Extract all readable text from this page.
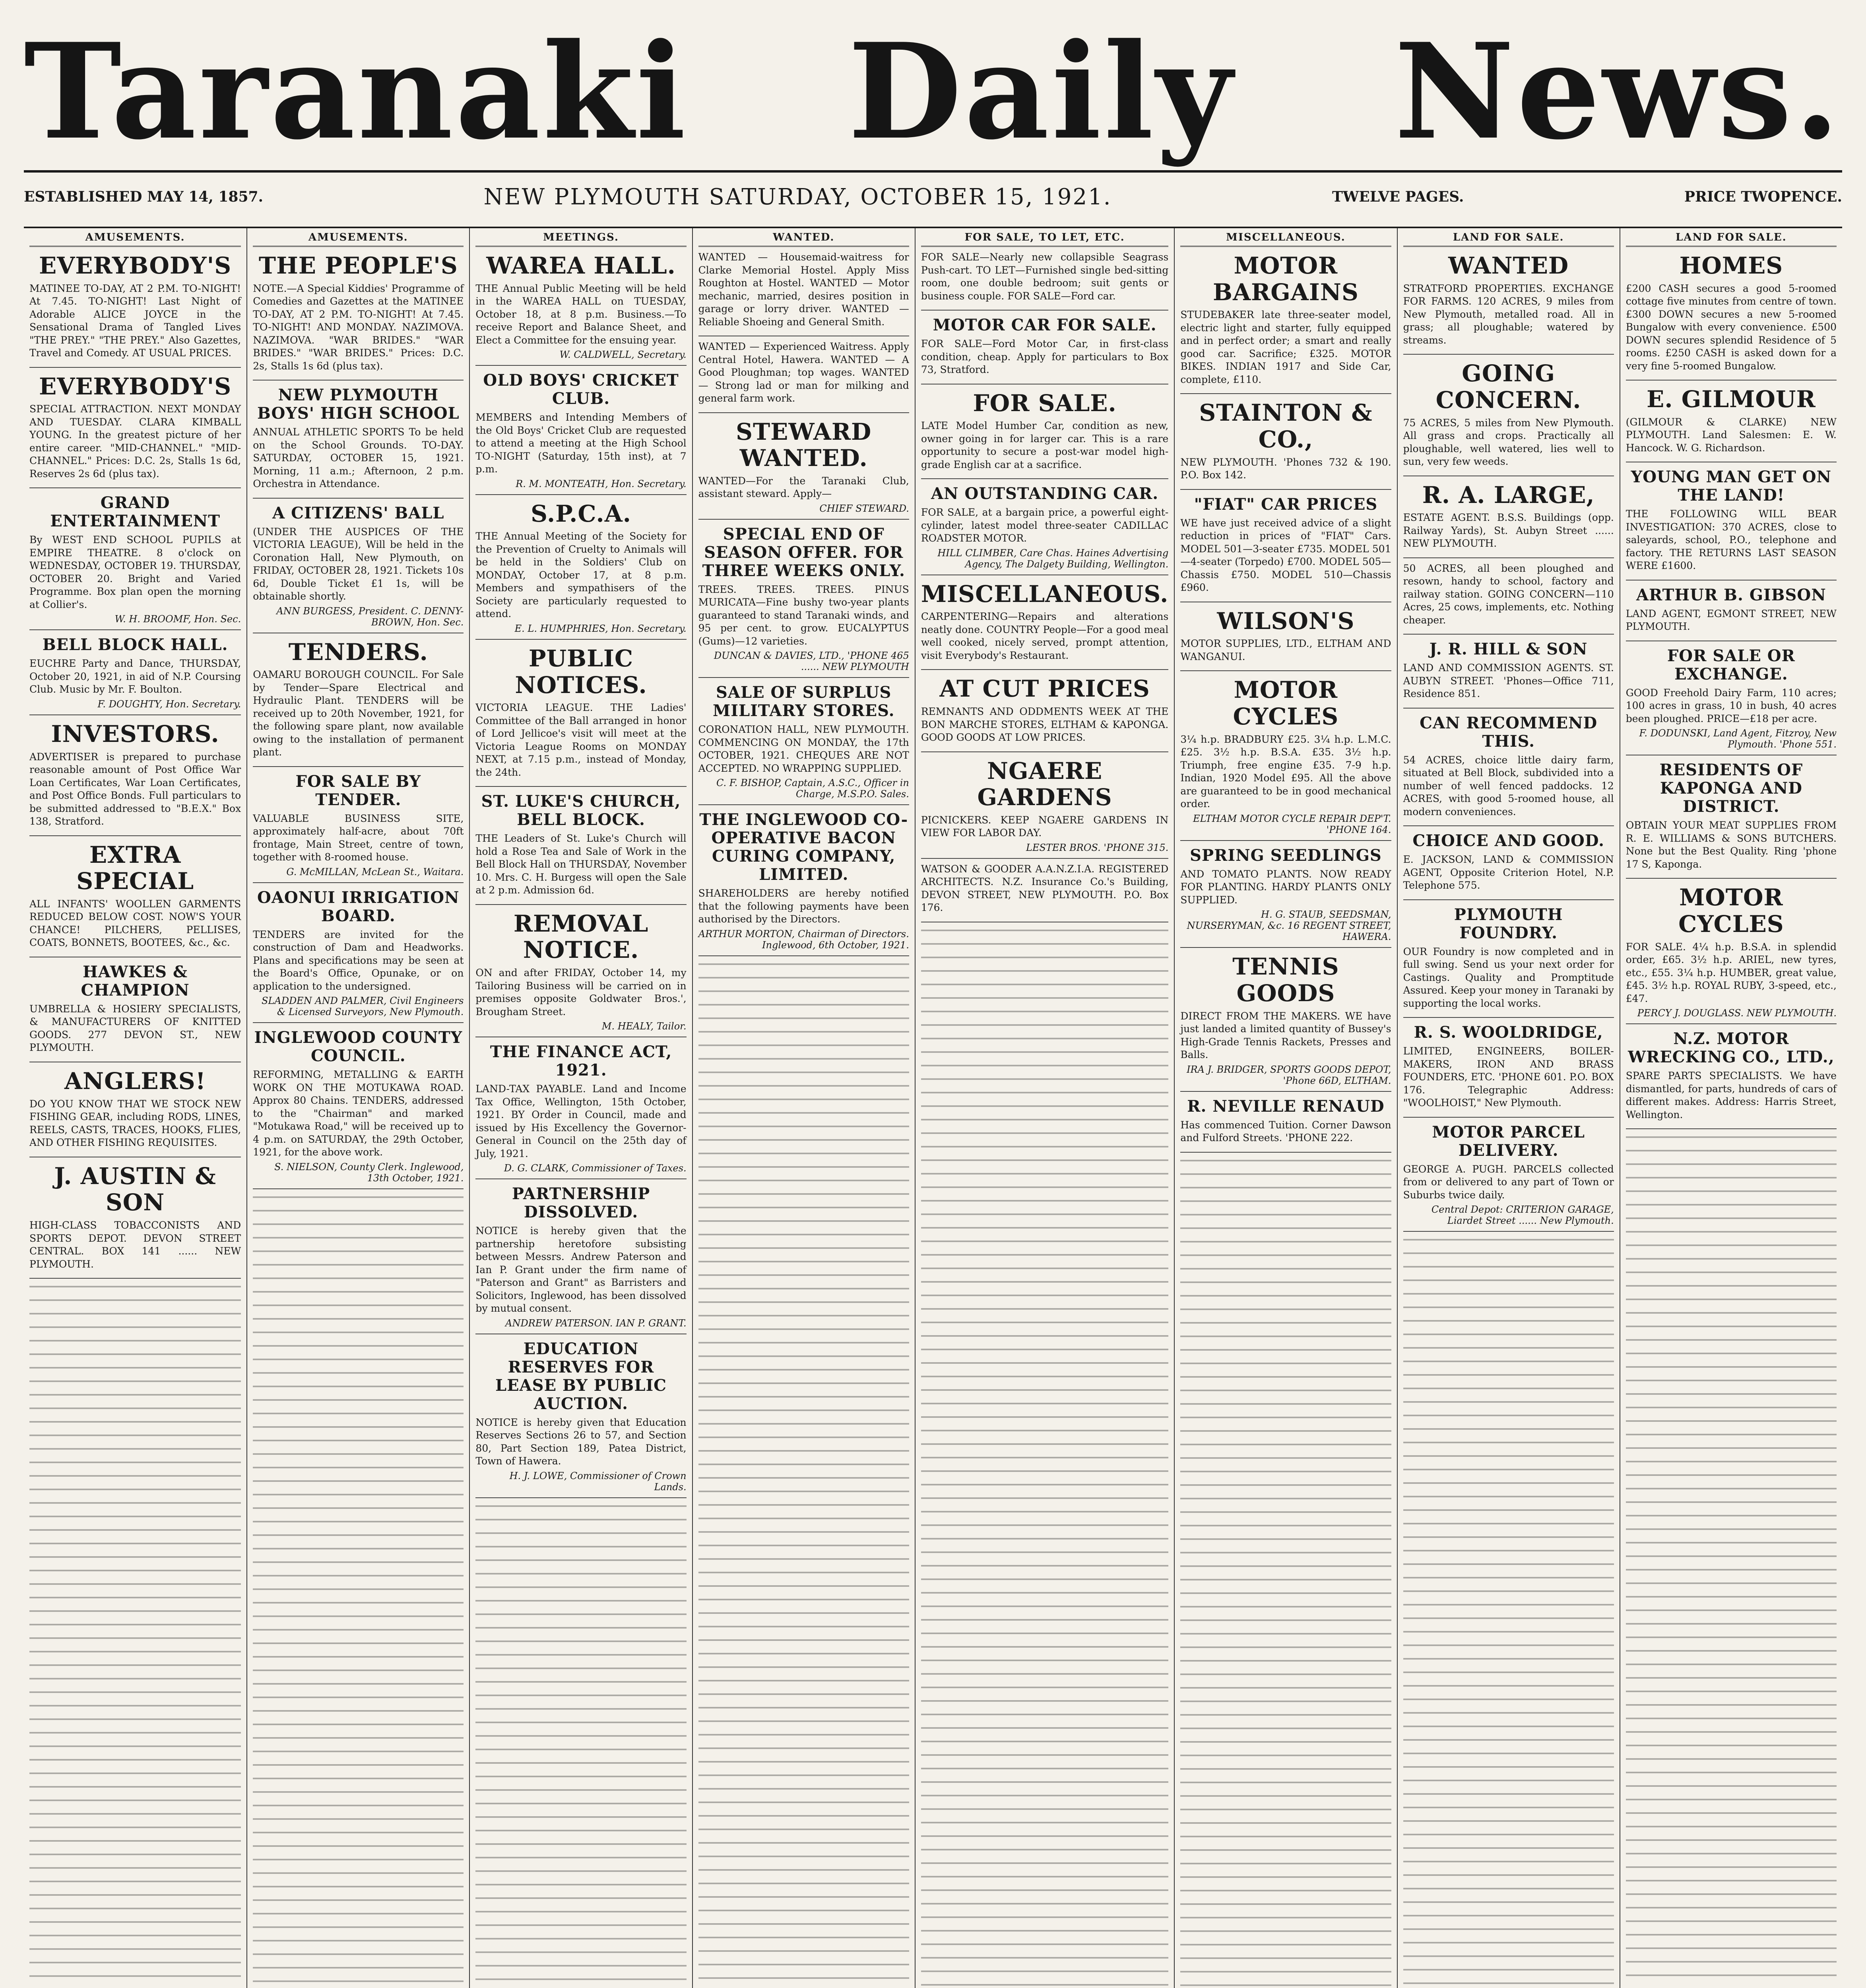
Taranaki Daily News.
ESTABLISHED MAY 14, 1857.	NEW PLYMOUTH SATURDAY, OCTOBER 15, 1921.	TWELVE PAGES.	PRICE TWOPENCE.
AMUSEMENTS.
EVERYBODY'S

MATINEE TO-DAY, AT 2 P.M. TO-NIGHT! At 7.45. TO-NIGHT! Last Night of Adorable ALICE JOYCE in the Sensational Drama of Tangled Lives "THE PREY." "THE PREY." Also Gazettes, Travel and Comedy. AT USUAL PRICES.

EVERYBODY'S

SPECIAL ATTRACTION. NEXT MONDAY AND TUESDAY. CLARA KIMBALL YOUNG. In the greatest picture of her entire career. "MID-CHANNEL." "MID-CHANNEL." Prices: D.C. 2s, Stalls 1s 6d, Reserves 2s 6d (plus tax).

GRAND ENTERTAINMENT

By WEST END SCHOOL PUPILS at EMPIRE THEATRE. 8 o'clock on WEDNESDAY, OCTOBER 19. THURSDAY, OCTOBER 20. Bright and Varied Programme. Box plan open the morning at Collier's.

W. H. BROOMF, Hon. Sec.
BELL BLOCK HALL.

EUCHRE Party and Dance, THURSDAY, October 20, 1921, in aid of N.P. Coursing Club. Music by Mr. F. Boulton.

F. DOUGHTY, Hon. Secretary.
INVESTORS.

ADVERTISER is prepared to purchase reasonable amount of Post Office War Loan Certificates, War Loan Certificates, and Post Office Bonds. Full particulars to be submitted addressed to "B.E.X." Box 138, Stratford.

EXTRA SPECIAL

ALL INFANTS' WOOLLEN GARMENTS REDUCED BELOW COST. NOW'S YOUR CHANCE! PILCHERS, PELLISES, COATS, BONNETS, BOOTEES, &c., &c.

HAWKES & CHAMPION

UMBRELLA & HOSIERY SPECIALISTS, & MANUFACTURERS OF KNITTED GOODS. 277 DEVON ST., NEW PLYMOUTH.

ANGLERS!

DO YOU KNOW THAT WE STOCK NEW FISHING GEAR, including RODS, LINES, REELS, CASTS, TRACES, HOOKS, FLIES, AND OTHER FISHING REQUISITES.

J. AUSTIN & SON

HIGH-CLASS TOBACCONISTS AND SPORTS DEPOT. DEVON STREET CENTRAL. BOX 141 ...... NEW PLYMOUTH.

AMUSEMENTS.
THE PEOPLE'S

NOTE.—A Special Kiddies' Programme of Comedies and Gazettes at the MATINEE TO-DAY, AT 2 P.M. TO-NIGHT! At 7.45. TO-NIGHT! AND MONDAY. NAZIMOVA. NAZIMOVA. "WAR BRIDES." "WAR BRIDES." "WAR BRIDES." Prices: D.C. 2s, Stalls 1s 6d (plus tax).

NEW PLYMOUTH BOYS' HIGH SCHOOL

ANNUAL ATHLETIC SPORTS To be held on the School Grounds. TO-DAY. SATURDAY, OCTOBER 15, 1921. Morning, 11 a.m.; Afternoon, 2 p.m. Orchestra in Attendance.

A CITIZENS' BALL

(UNDER THE AUSPICES OF THE VICTORIA LEAGUE), Will be held in the Coronation Hall, New Plymouth, on FRIDAY, OCTOBER 28, 1921. Tickets 10s 6d, Double Ticket £1 1s, will be obtainable shortly.

ANN BURGESS, President. C. DENNY-BROWN, Hon. Sec.
TENDERS.

OAMARU BOROUGH COUNCIL. For Sale by Tender—Spare Electrical and Hydraulic Plant. TENDERS will be received up to 20th November, 1921, for the following spare plant, now available owing to the installation of permanent plant.

FOR SALE BY TENDER.

VALUABLE BUSINESS SITE, approximately half-acre, about 70ft frontage, Main Street, centre of town, together with 8-roomed house.

G. McMILLAN, McLean St., Waitara.
OAONUI IRRIGATION BOARD.

TENDERS are invited for the construction of Dam and Headworks. Plans and specifications may be seen at the Board's Office, Opunake, or on application to the undersigned.

SLADDEN AND PALMER, Civil Engineers & Licensed Surveyors, New Plymouth.
INGLEWOOD COUNTY COUNCIL.

REFORMING, METALLING & EARTH WORK ON THE MOTUKAWA ROAD. Approx 80 Chains. TENDERS, addressed to the "Chairman" and marked "Motukawa Road," will be received up to 4 p.m. on SATURDAY, the 29th October, 1921, for the above work.

S. NIELSON, County Clerk. Inglewood, 13th October, 1921.
MEETINGS.
WAREA HALL.

THE Annual Public Meeting will be held in the WAREA HALL on TUESDAY, October 18, at 8 p.m. Business.—To receive Report and Balance Sheet, and Elect a Committee for the ensuing year.

W. CALDWELL, Secretary.
OLD BOYS' CRICKET CLUB.

MEMBERS and Intending Members of the Old Boys' Cricket Club are requested to attend a meeting at the High School TO-NIGHT (Saturday, 15th inst), at 7 p.m.

R. M. MONTEATH, Hon. Secretary.
S.P.C.A.

THE Annual Meeting of the Society for the Prevention of Cruelty to Animals will be held in the Soldiers' Club on MONDAY, October 17, at 8 p.m. Members and sympathisers of the Society are particularly requested to attend.

E. L. HUMPHRIES, Hon. Secretary.
PUBLIC NOTICES.

VICTORIA LEAGUE. THE Ladies' Committee of the Ball arranged in honor of Lord Jellicoe's visit will meet at the Victoria League Rooms on MONDAY NEXT, at 7.15 p.m., instead of Monday, the 24th.

ST. LUKE'S CHURCH, BELL BLOCK.

THE Leaders of St. Luke's Church will hold a Rose Tea and Sale of Work in the Bell Block Hall on THURSDAY, November 10. Mrs. C. H. Burgess will open the Sale at 2 p.m. Admission 6d.

REMOVAL NOTICE.

ON and after FRIDAY, October 14, my Tailoring Business will be carried on in premises opposite Goldwater Bros.', Brougham Street.

M. HEALY, Tailor.
THE FINANCE ACT, 1921.

LAND-TAX PAYABLE. Land and Income Tax Office, Wellington, 15th October, 1921. BY Order in Council, made and issued by His Excellency the Governor-General in Council on the 25th day of July, 1921.

D. G. CLARK, Commissioner of Taxes.
PARTNERSHIP DISSOLVED.

NOTICE is hereby given that the partnership heretofore subsisting between Messrs. Andrew Paterson and Ian P. Grant under the firm name of "Paterson and Grant" as Barristers and Solicitors, Inglewood, has been dissolved by mutual consent.

ANDREW PATERSON. IAN P. GRANT.
EDUCATION RESERVES FOR LEASE BY PUBLIC AUCTION.

NOTICE is hereby given that Education Reserves Sections 26 to 57, and Section 80, Part Section 189, Patea District, Town of Hawera.

H. J. LOWE, Commissioner of Crown Lands.
WANTED.

WANTED — Housemaid-waitress for Clarke Memorial Hostel. Apply Miss Roughton at Hostel. WANTED — Motor mechanic, married, desires position in garage or lorry driver. WANTED — Reliable Shoeing and General Smith.

WANTED — Experienced Waitress. Apply Central Hotel, Hawera. WANTED — A Good Ploughman; top wages. WANTED — Strong lad or man for milking and general farm work.

STEWARD WANTED.

WANTED—For the Taranaki Club, assistant steward. Apply—

CHIEF STEWARD.
SPECIAL END OF SEASON OFFER. FOR THREE WEEKS ONLY.

TREES. TREES. TREES. PINUS MURICATA—Fine bushy two-year plants guaranteed to stand Taranaki winds, and 95 per cent. to grow. EUCALYPTUS (Gums)—12 varieties.

DUNCAN & DAVIES, LTD., 'PHONE 465 ...... NEW PLYMOUTH
SALE OF SURPLUS MILITARY STORES.

CORONATION HALL, NEW PLYMOUTH. COMMENCING ON MONDAY, the 17th OCTOBER, 1921. CHEQUES ARE NOT ACCEPTED. NO WRAPPING SUPPLIED.

C. F. BISHOP, Captain, A.S.C., Officer in Charge, M.S.P.O. Sales.
THE INGLEWOOD CO-OPERATIVE BACON CURING COMPANY, LIMITED.

SHAREHOLDERS are hereby notified that the following payments have been authorised by the Directors.

ARTHUR MORTON, Chairman of Directors. Inglewood, 6th October, 1921.
FOR SALE, TO LET, ETC.

FOR SALE—Nearly new collapsible Seagrass Push-cart. TO LET—Furnished single bed-sitting room, one double bedroom; suit gents or business couple. FOR SALE—Ford car.

MOTOR CAR FOR SALE.

FOR SALE—Ford Motor Car, in first-class condition, cheap. Apply for particulars to Box 73, Stratford.

FOR SALE.

LATE Model Humber Car, condition as new, owner going in for larger car. This is a rare opportunity to secure a post-war model high-grade English car at a sacrifice.

AN OUTSTANDING CAR.

FOR SALE, at a bargain price, a powerful eight-cylinder, latest model three-seater CADILLAC ROADSTER MOTOR.

HILL CLIMBER, Care Chas. Haines Advertising Agency, The Dalgety Building, Wellington.
MISCELLANEOUS.

CARPENTERING—Repairs and alterations neatly done. COUNTRY People—For a good meal well cooked, nicely served, prompt attention, visit Everybody's Restaurant.

AT CUT PRICES

REMNANTS AND ODDMENTS WEEK AT THE BON MARCHE STORES, ELTHAM & KAPONGA. GOOD GOODS AT LOW PRICES.

NGAERE GARDENS

PICNICKERS. KEEP NGAERE GARDENS IN VIEW FOR LABOR DAY.

LESTER BROS. 'PHONE 315.

WATSON & GOODER A.A.N.Z.I.A. REGISTERED ARCHITECTS. N.Z. Insurance Co.'s Building, DEVON STREET, NEW PLYMOUTH. P.O. Box 176.

MISCELLANEOUS.
MOTOR BARGAINS

STUDEBAKER late three-seater model, electric light and starter, fully equipped and in perfect order; a smart and really good car. Sacrifice; £325. MOTOR BIKES. INDIAN 1917 and Side Car, complete, £110.

STAINTON & CO.,

NEW PLYMOUTH. 'Phones 732 & 190. P.O. Box 142.

"FIAT" CAR PRICES

WE have just received advice of a slight reduction in prices of "FIAT" Cars. MODEL 501—3-seater £735. MODEL 501—4-seater (Torpedo) £700. MODEL 505—Chassis £750. MODEL 510—Chassis £960.

WILSON'S

MOTOR SUPPLIES, LTD., ELTHAM AND WANGANUI.

MOTOR CYCLES

3¼ h.p. BRADBURY £25. 3¼ h.p. L.M.C. £25. 3½ h.p. B.S.A. £35. 3½ h.p. Triumph, free engine £35. 7-9 h.p. Indian, 1920 Model £95. All the above are guaranteed to be in good mechanical order.

ELTHAM MOTOR CYCLE REPAIR DEP'T. 'PHONE 164.
SPRING SEEDLINGS

AND TOMATO PLANTS. NOW READY FOR PLANTING. HARDY PLANTS ONLY SUPPLIED.

H. G. STAUB, SEEDSMAN, NURSERYMAN, &c. 16 REGENT STREET, HAWERA.
TENNIS GOODS

DIRECT FROM THE MAKERS. WE have just landed a limited quantity of Bussey's High-Grade Tennis Rackets, Presses and Balls.

IRA J. BRIDGER, SPORTS GOODS DEPOT, 'Phone 66D, ELTHAM.
R. NEVILLE RENAUD

Has commenced Tuition. Corner Dawson and Fulford Streets. 'PHONE 222.

LAND FOR SALE.
WANTED

STRATFORD PROPERTIES. EXCHANGE FOR FARMS. 120 ACRES, 9 miles from New Plymouth, metalled road. All in grass; all ploughable; watered by streams.

GOING CONCERN.

75 ACRES, 5 miles from New Plymouth. All grass and crops. Practically all ploughable, well watered, lies well to sun, very few weeds.

R. A. LARGE,

ESTATE AGENT. B.S.S. Buildings (opp. Railway Yards), St. Aubyn Street ...... NEW PLYMOUTH.

50 ACRES, all been ploughed and resown, handy to school, factory and railway station. GOING CONCERN—110 Acres, 25 cows, implements, etc. Nothing cheaper.

J. R. HILL & SON

LAND AND COMMISSION AGENTS. ST. AUBYN STREET. 'Phones—Office 711, Residence 851.

CAN RECOMMEND THIS.

54 ACRES, choice little dairy farm, situated at Bell Block, subdivided into a number of well fenced paddocks. 12 ACRES, with good 5-roomed house, all modern conveniences.

CHOICE AND GOOD.

E. JACKSON, LAND & COMMISSION AGENT, Opposite Criterion Hotel, N.P. Telephone 575.

PLYMOUTH FOUNDRY.

OUR Foundry is now completed and in full swing. Send us your next order for Castings. Quality and Promptitude Assured. Keep your money in Taranaki by supporting the local works.

R. S. WOOLDRIDGE,

LIMITED, ENGINEERS, BOILER-MAKERS, IRON AND BRASS FOUNDERS, ETC. 'PHONE 601. P.O. BOX 176. Telegraphic Address: "WOOLHOIST," New Plymouth.

MOTOR PARCEL DELIVERY.

GEORGE A. PUGH. PARCELS collected from or delivered to any part of Town or Suburbs twice daily.

Central Depot: CRITERION GARAGE, Liardet Street ...... New Plymouth.
LAND FOR SALE.
HOMES

£200 CASH secures a good 5-roomed cottage five minutes from centre of town. £300 DOWN secures a new 5-roomed Bungalow with every convenience. £500 DOWN secures splendid Residence of 5 rooms. £250 CASH is asked down for a very fine 5-roomed Bungalow.

E. GILMOUR

(GILMOUR & CLARKE) NEW PLYMOUTH. Land Salesmen: E. W. Hancock. W. G. Richardson.

YOUNG MAN GET ON THE LAND!

THE FOLLOWING WILL BEAR INVESTIGATION: 370 ACRES, close to saleyards, school, P.O., telephone and factory. THE RETURNS LAST SEASON WERE £1600.

ARTHUR B. GIBSON

LAND AGENT, EGMONT STREET, NEW PLYMOUTH.

FOR SALE OR EXCHANGE.

GOOD Freehold Dairy Farm, 110 acres; 100 acres in grass, 10 in bush, 40 acres been ploughed. PRICE—£18 per acre.

F. DODUNSKI, Land Agent, Fitzroy, New Plymouth. 'Phone 551.
RESIDENTS OF KAPONGA AND DISTRICT.

OBTAIN YOUR MEAT SUPPLIES FROM R. E. WILLIAMS & SONS BUTCHERS. None but the Best Quality. Ring 'phone 17 S, Kaponga.

MOTOR CYCLES

FOR SALE. 4¼ h.p. B.S.A. in splendid order, £65. 3½ h.p. ARIEL, new tyres, etc., £55. 3¼ h.p. HUMBER, great value, £45. 3½ h.p. ROYAL RUBY, 3-speed, etc., £47.

PERCY J. DOUGLASS. NEW PLYMOUTH.
N.Z. MOTOR WRECKING CO., LTD.,

SPARE PARTS SPECIALISTS. We have dismantled, for parts, hundreds of cars of different makes. Address: Harris Street, Wellington.
